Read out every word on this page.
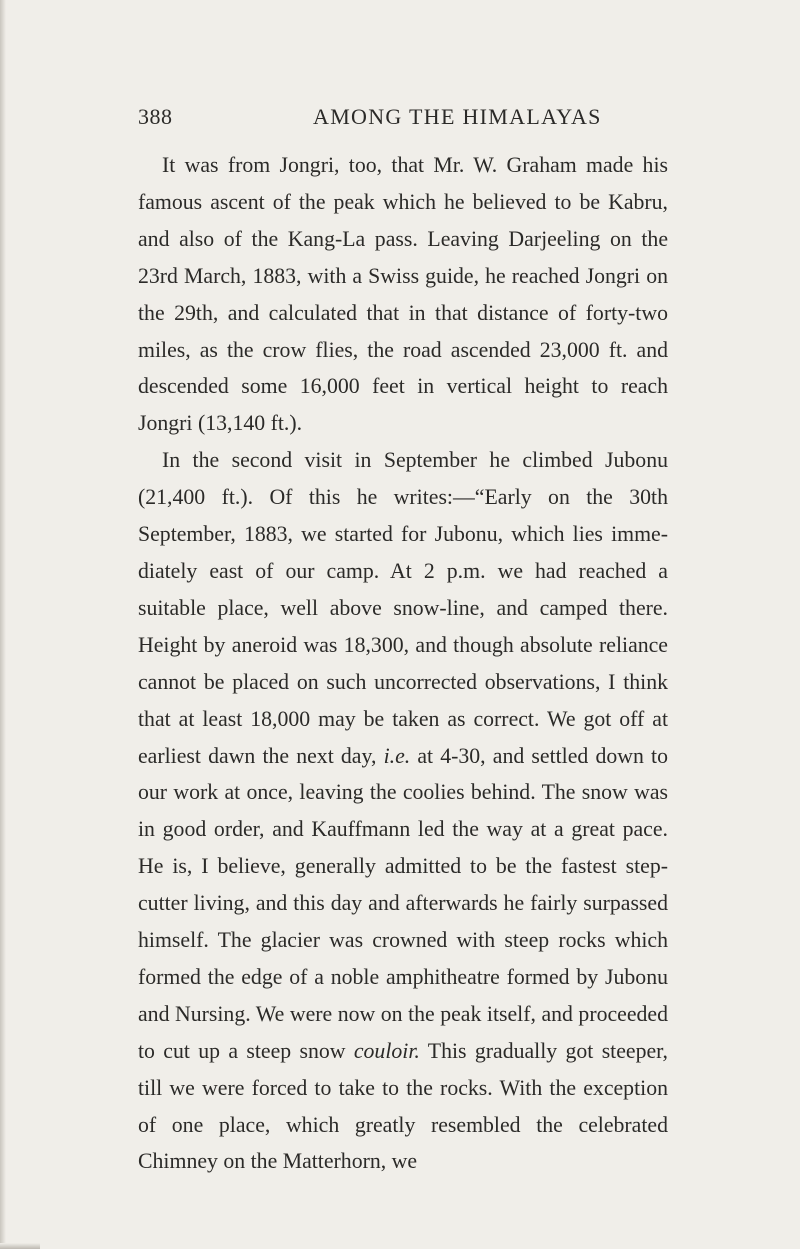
388	AMONG THE HIMALAYAS

It was from Jongri, too, that Mr. W. Graham made his famous ascent of the peak which he believed to be Kabru, and also of the Kang-La pass. Leaving Darjeeling on the 23rd March, 1883, with a Swiss guide, he reached Jongri on the 29th, and calculated that in that distance of forty-two miles, as the crow flies, the road ascended 23,000 ft. and descended some 16,000 feet in vertical height to reach Jongri (13,140 ft.).

In the second visit in September he climbed Jubonu (21,400 ft.). Of this he writes:—“Early on the 30th September, 1883, we started for Jubonu, which lies immediately east of our camp. At 2 p.m. we had reached a suitable place, well above snow-line, and camped there. Height by aneroid was 18,300, and though absolute reliance cannot be placed on such uncorrected observations, I think that at least 18,000 may be taken as correct. We got off at earliest dawn the next day, i.e. at 4-30, and settled down to our work at once, leaving the coolies behind. The snow was in good order, and Kauffmann led the way at a great pace. He is, I believe, generally admitted to be the fastest step-cutter living, and this day and afterwards he fairly surpassed himself. The glacier was crowned with steep rocks which formed the edge of a noble amphitheatre formed by Jubonu and Nursing. We were now on the peak itself, and proceeded to cut up a steep snow couloir. This gradually got steeper, till we were forced to take to the rocks. With the exception of one place, which greatly resembled the celebrated Chimney on the Matterhorn, we
